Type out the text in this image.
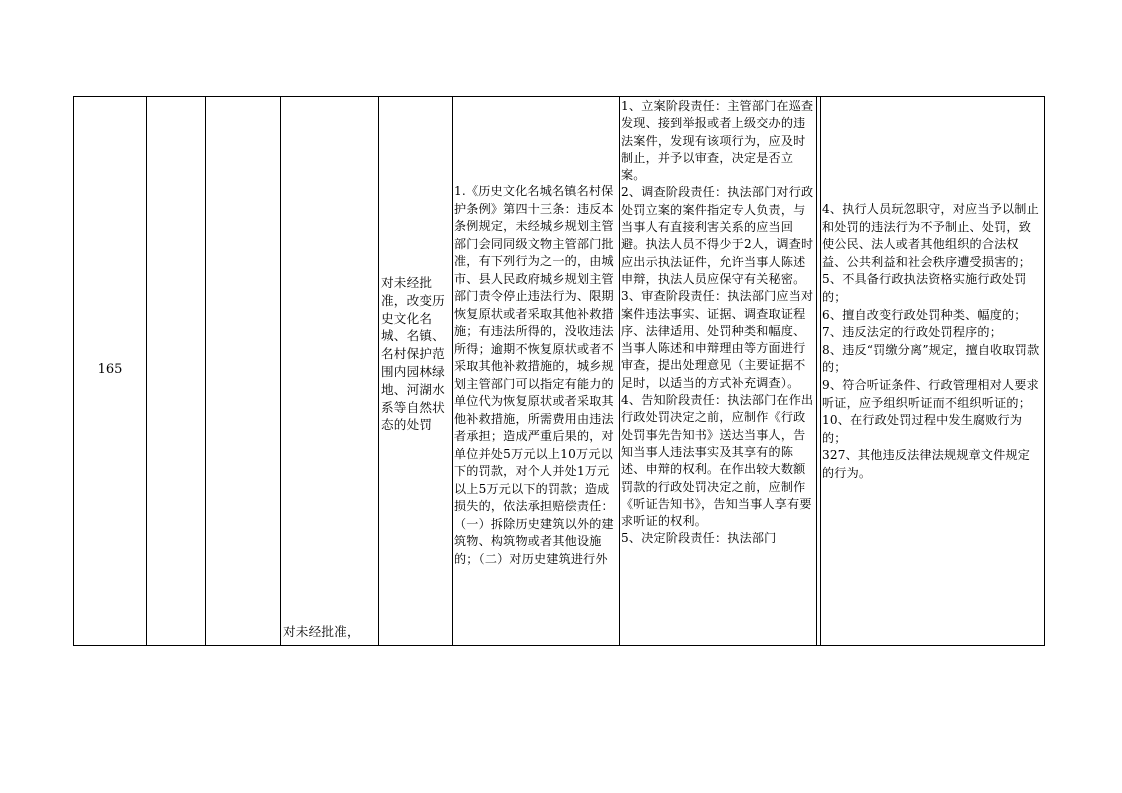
165
对未经批准，
对未经批准，改变历史文化名城、名镇、名村保护范围内园林绿地、河湖水系等自然状态的处罚
1.《历史文化名城名镇名村保护条例》第四十三条：违反本条例规定，未经城乡规划主管部门会同同级文物主管部门批准，有下列行为之一的，由城市、县人民政府城乡规划主管部门责令停止违法行为、限期恢复原状或者采取其他补救措施；有违法所得的，没收违法所得；逾期不恢复原状或者不采取其他补救措施的，城乡规划主管部门可以指定有能力的单位代为恢复原状或者采取其他补救措施，所需费用由违法者承担；造成严重后果的，对单位并处5万元以上10万元以下的罚款，对个人并处1万元以上5万元以下的罚款；造成损失的，依法承担赔偿责任：（一）拆除历史建筑以外的建筑物、构筑物或者其他设施的；（二）对历史建筑进行外
1、立案阶段责任：主管部门在巡查发现、接到举报或者上级交办的违法案件，发现有该项行为，应及时制止，并予以审查，决定是否立案。
2、调查阶段责任：执法部门对行政处罚立案的案件指定专人负责，与当事人有直接利害关系的应当回避。执法人员不得少于2人，调查时应出示执法证件，允许当事人陈述申辩，执法人员应保守有关秘密。
3、审查阶段责任：执法部门应当对案件违法事实、证据、调查取证程序、法律适用、处罚种类和幅度、当事人陈述和申辩理由等方面进行审查，提出处理意见（主要证据不足时，以适当的方式补充调查）。
4、告知阶段责任：执法部门在作出行政处罚决定之前，应制作《行政处罚事先告知书》送达当事人，告知当事人违法事实及其享有的陈述、申辩的权利。在作出较大数额罚款的行政处罚决定之前，应制作《听证告知书》，告知当事人享有要求听证的权利。
5、决定阶段责任：执法部门
4、执行人员玩忽职守，对应当予以制止和处罚的违法行为不予制止、处罚，致使公民、法人或者其他组织的合法权益、公共利益和社会秩序遭受损害的；
5、不具备行政执法资格实施行政处罚的；
6、擅自改变行政处罚种类、幅度的；
7、违反法定的行政处罚程序的；
8、违反“罚缴分离”规定，擅自收取罚款的；
9、符合听证条件、行政管理相对人要求听证，应予组织听证而不组织听证的；
10、在行政处罚过程中发生腐败行为的；
327、其他违反法律法规规章文件规定的行为。
